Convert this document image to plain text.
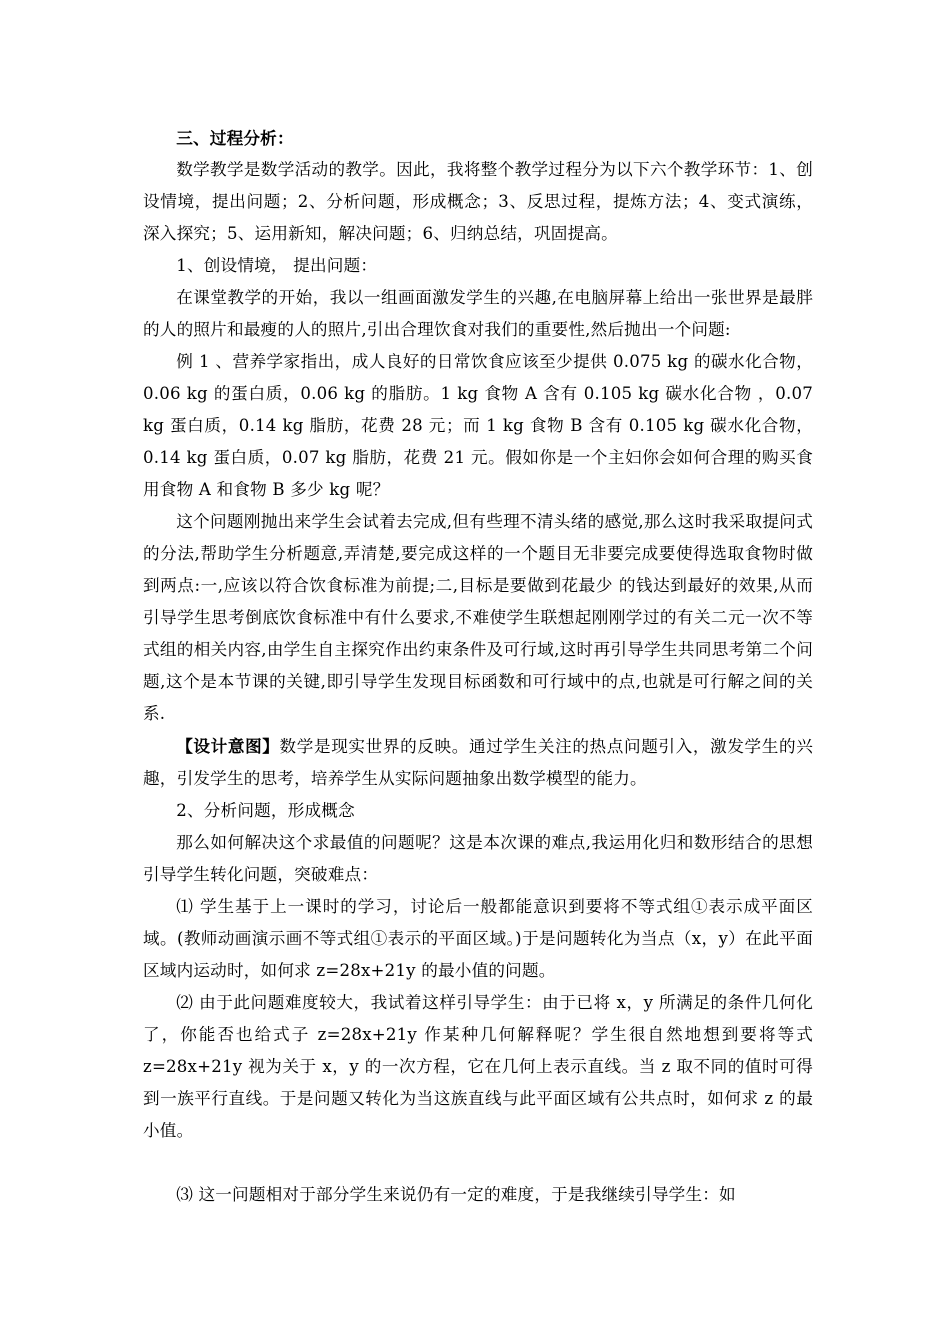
三、过程分析：

数学教学是数学活动的教学。因此，我将整个教学过程分为以下六个教学环节：1、创设情境，提出问题；2、分析问题，形成概念；3、反思过程，提炼方法；4、变式演练，深入探究；5、运用新知，解决问题；6、归纳总结，巩固提高。

1、创设情境， 提出问题：

在课堂教学的开始，我以一组画面激发学生的兴趣,在电脑屏幕上给出一张世界是最胖的人的照片和最瘦的人的照片,引出合理饮食对我们的重要性,然后抛出一个问题:

例 1 、营养学家指出，成人良好的日常饮食应该至少提供 0.075 kg 的碳水化合物，0.06 kg 的蛋白质，0.06 kg 的脂肪。1 kg 食物 A 含有 0.105 kg 碳水化合物 ，0.07 kg 蛋白质，0.14 kg 脂肪，花费 28 元；而 1 kg 食物 B 含有 0.105 kg 碳水化合物，0.14 kg 蛋白质，0.07 kg 脂肪，花费 21 元。假如你是一个主妇你会如何合理的购买食用食物 A 和食物 B 多少 kg 呢？

这个问题刚抛出来学生会试着去完成,但有些理不清头绪的感觉,那么这时我采取提问式的分法,帮助学生分析题意,弄清楚,要完成这样的一个题目无非要完成要使得选取食物时做到两点:一,应该以符合饮食标准为前提;二,目标是要做到花最少 的钱达到最好的效果,从而引导学生思考倒底饮食标准中有什么要求,不难使学生联想起刚刚学过的有关二元一次不等式组的相关内容,由学生自主探究作出约束条件及可行域,这时再引导学生共同思考第二个问题,这个是本节课的关键,即引导学生发现目标函数和可行域中的点,也就是可行解之间的关系.

【设计意图】数学是现实世界的反映。通过学生关注的热点问题引入，激发学生的兴趣，引发学生的思考，培养学生从实际问题抽象出数学模型的能力。

2、分析问题，形成概念

那么如何解决这个求最值的问题呢？这是本次课的难点,我运用化归和数形结合的思想引导学生转化问题，突破难点：

⑴ 学生基于上一课时的学习，讨论后一般都能意识到要将不等式组①表示成平面区域。(教师动画演示画不等式组①表示的平面区域。)于是问题转化为当点（x，y）在此平面区域内运动时，如何求 z=28x+21y 的最小值的问题。

⑵ 由于此问题难度较大，我试着这样引导学生：由于已将 x，y 所满足的条件几何化了，你能否也给式子 z=28x+21y 作某种几何解释呢？学生很自然地想到要将等式 z=28x+21y 视为关于 x，y 的一次方程，它在几何上表示直线。当 z 取不同的值时可得到一族平行直线。于是问题又转化为当这族直线与此平面区域有公共点时，如何求 z 的最小值。

⑶ 这一问题相对于部分学生来说仍有一定的难度，于是我继续引导学生：如
